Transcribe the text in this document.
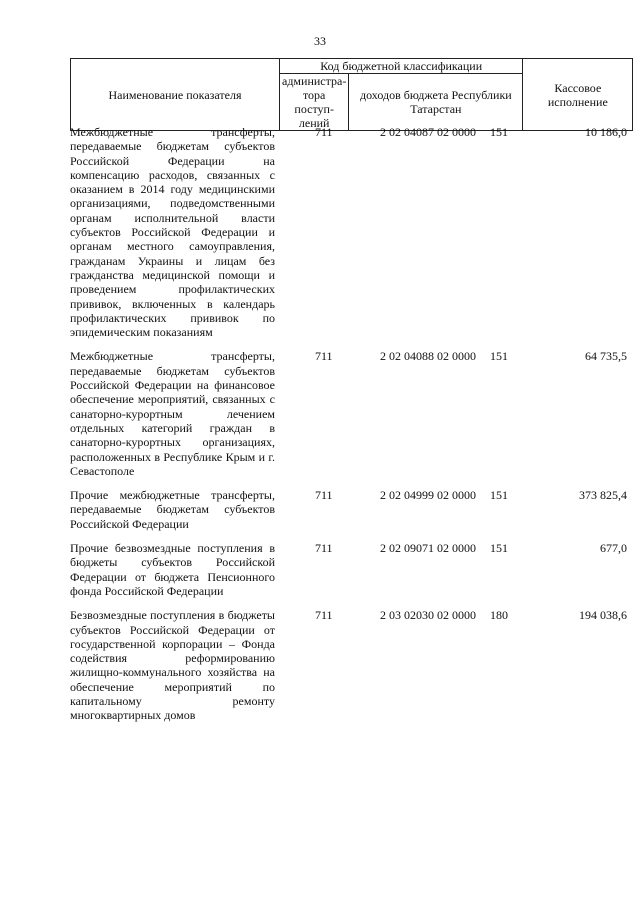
33
Наименование показателя	Код бюджетной классификации		Кассовое исполнение
	администра-тора поступ-лений	доходов бюджета Республики Татарстан	
Межбюджетные трансферты, передаваемые бюджетам субъектов Российской Федерации на компенсацию расходов, связанных с оказанием в 2014 году медицинскими организациями, подведомственными органам исполнительной власти субъектов Российской Федерации и органам местного самоуправления, гражданам Украины и лицам без гражданства медицинской помощи и проведением профилактических прививок, включенных в календарь профилактических прививок по эпидемическим показаниям
711	2 02 04087 02 0000 151	10 186,0
Межбюджетные трансферты, передаваемые бюджетам субъектов Российской Федерации на финансовое обеспечение мероприятий, связанных с санаторно-курортным лечением отдельных категорий граждан в санаторно-курортных организациях, расположенных в Республике Крым и г. Севастополе
711	2 02 04088 02 0000 151	64 735,5
Прочие межбюджетные трансферты, передаваемые бюджетам субъектов Российской Федерации
711	2 02 04999 02 0000 151	373 825,4
Прочие безвозмездные поступления в бюджеты субъектов Российской Федерации от бюджета Пенсионного фонда Российской Федерации
711	2 02 09071 02 0000 151	677,0
Безвозмездные поступления в бюджеты субъектов Российской Федерации от государственной корпорации – Фонда содействия реформированию жилищно-коммунального хозяйства на обеспечение мероприятий по капитальному ремонту многоквартирных домов
711	2 03 02030 02 0000 180	194 038,6
